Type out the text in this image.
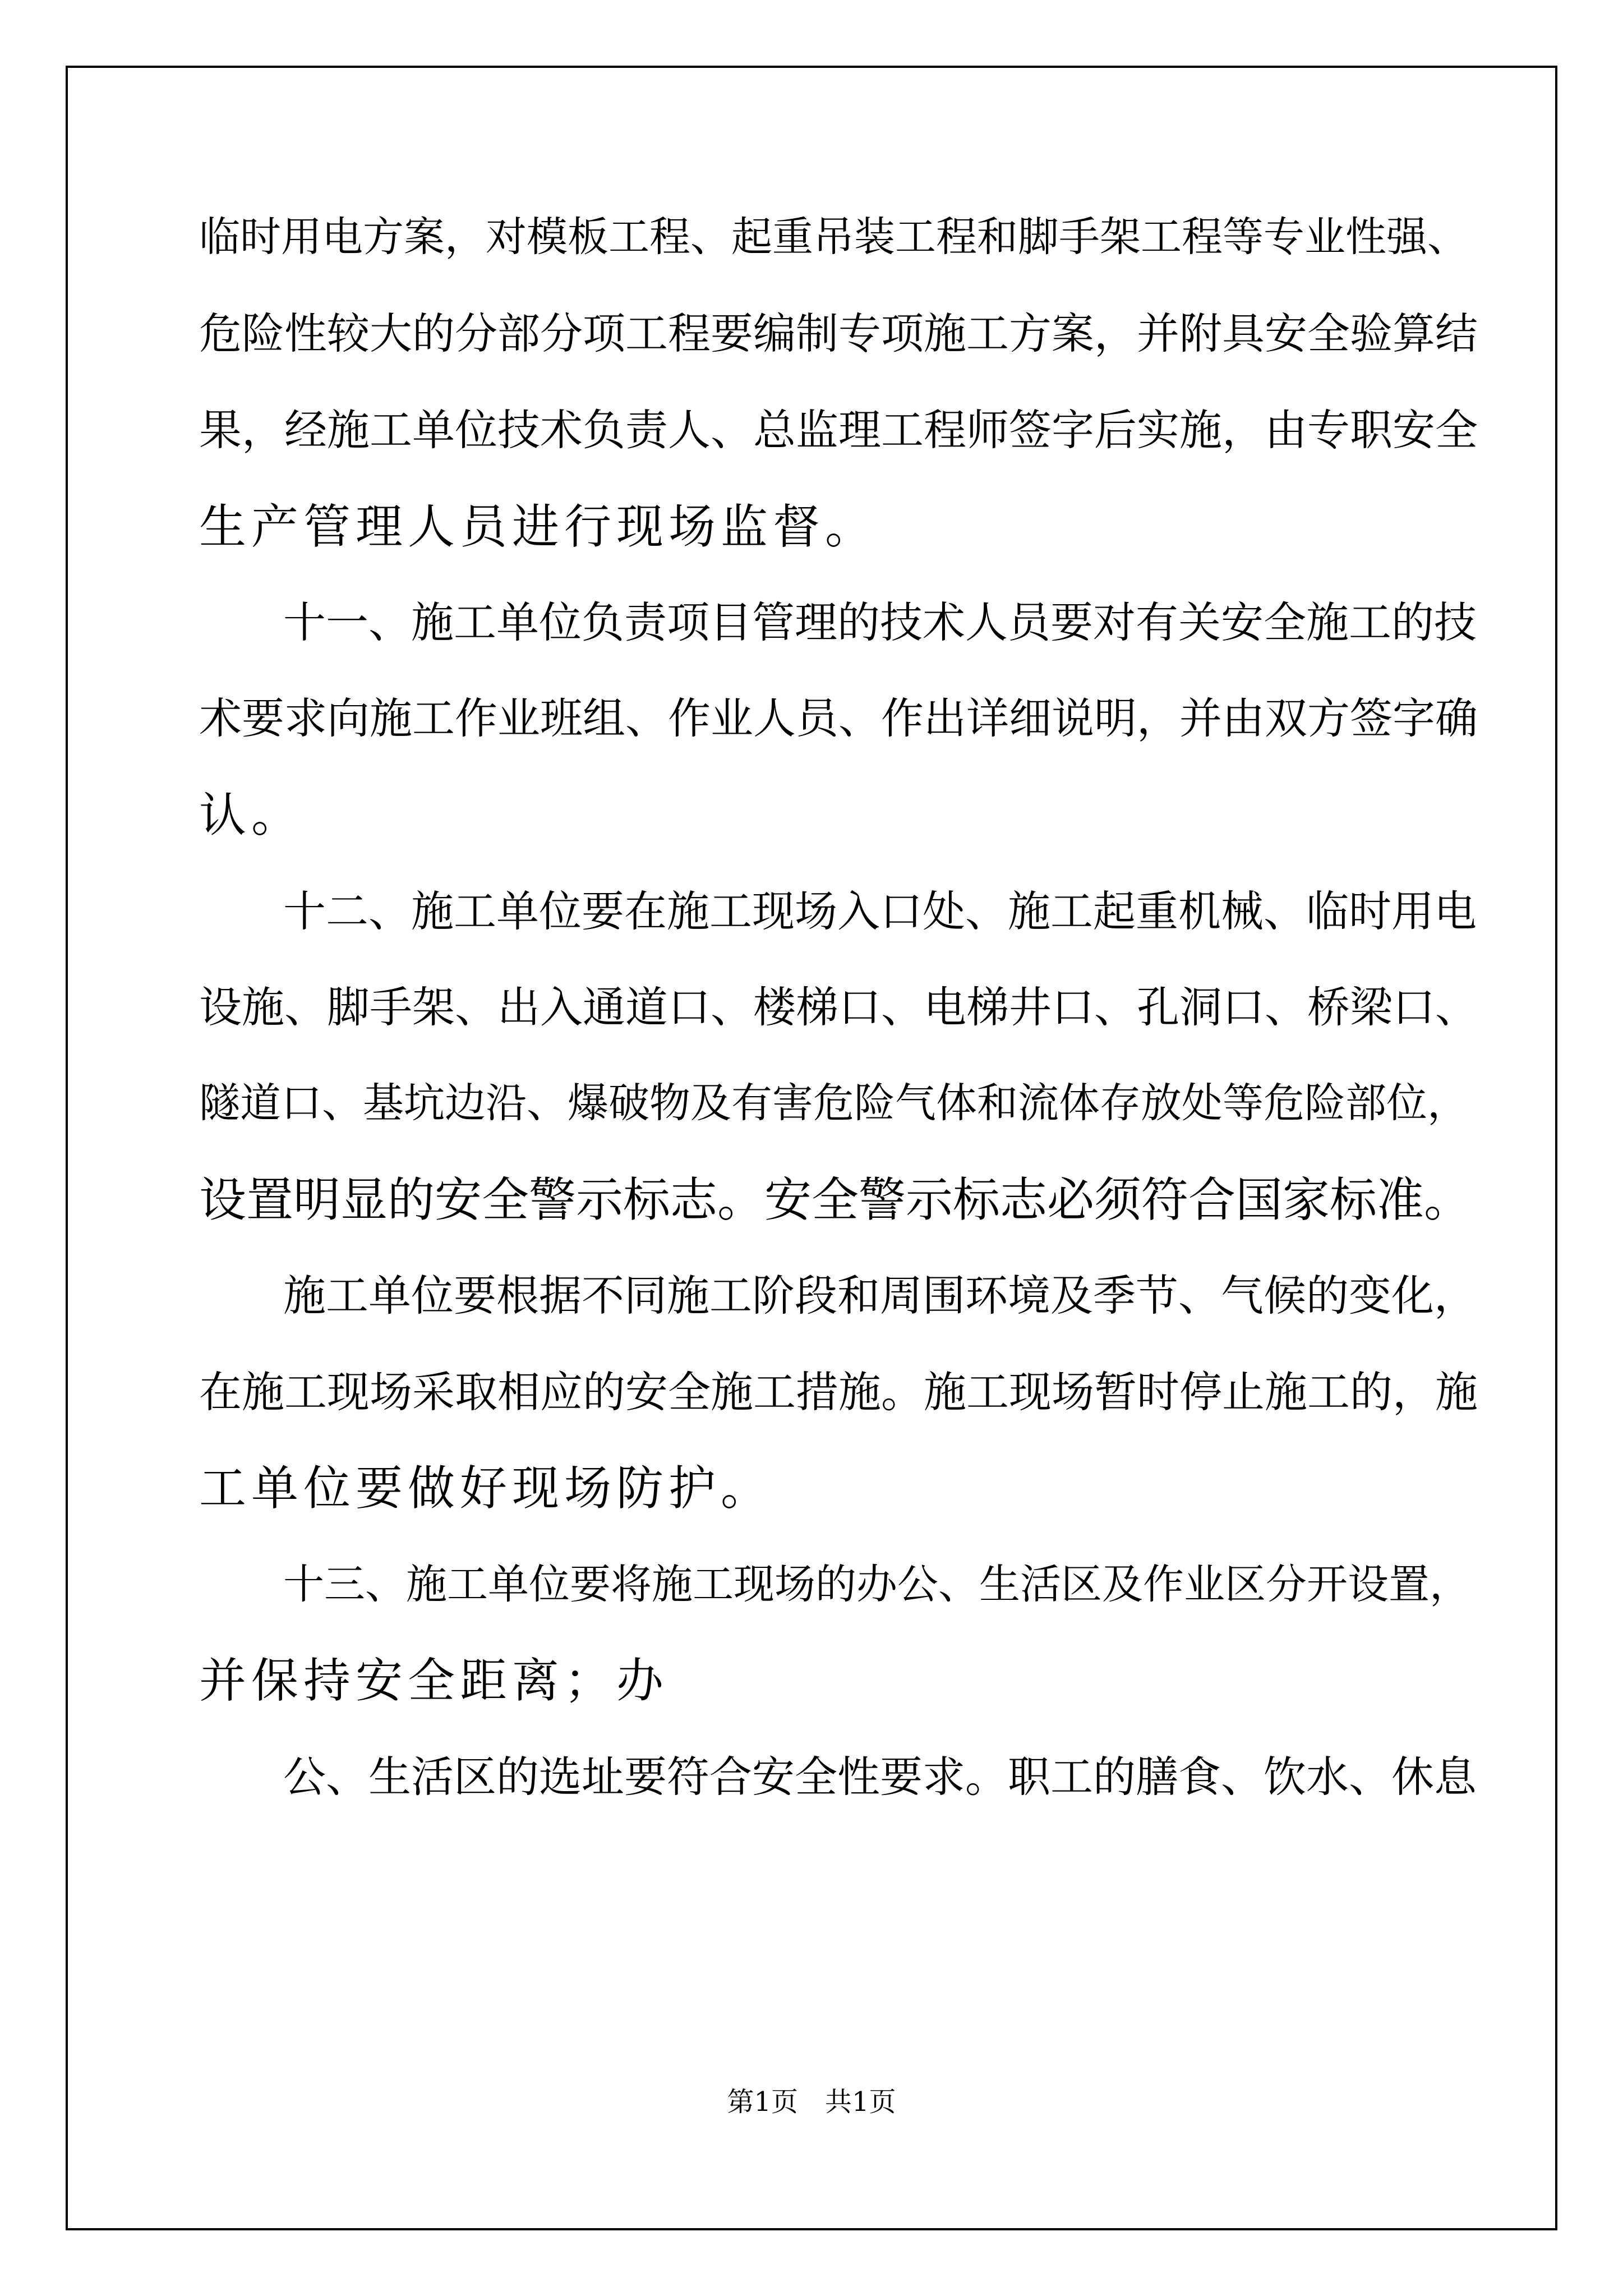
临时用电方案，对模板工程、起重吊装工程和脚手架工程等专业性强、
危险性较大的分部分项工程要编制专项施工方案，并附具安全验算结
果，经施工单位技术负责人、总监理工程师签字后实施，由专职安全
生产管理人员进行现场监督。
十一、施工单位负责项目管理的技术人员要对有关安全施工的技
术要求向施工作业班组、作业人员、作出详细说明，并由双方签字确
认。
十二、施工单位要在施工现场入口处、施工起重机械、临时用电
设施、脚手架、出入通道口、楼梯口、电梯井口、孔洞口、桥梁口、
隧道口、基坑边沿、爆破物及有害危险气体和流体存放处等危险部位，
设置明显的安全警示标志。安全警示标志必须符合国家标准。
施工单位要根据不同施工阶段和周围环境及季节、气候的变化，
在施工现场采取相应的安全施工措施。施工现场暂时停止施工的，施
工单位要做好现场防护。
十三、施工单位要将施工现场的办公、生活区及作业区分开设置，
并保持安全距离；办
公、生活区的选址要符合安全性要求。职工的膳食、饮水、休息
第1页　共1页
